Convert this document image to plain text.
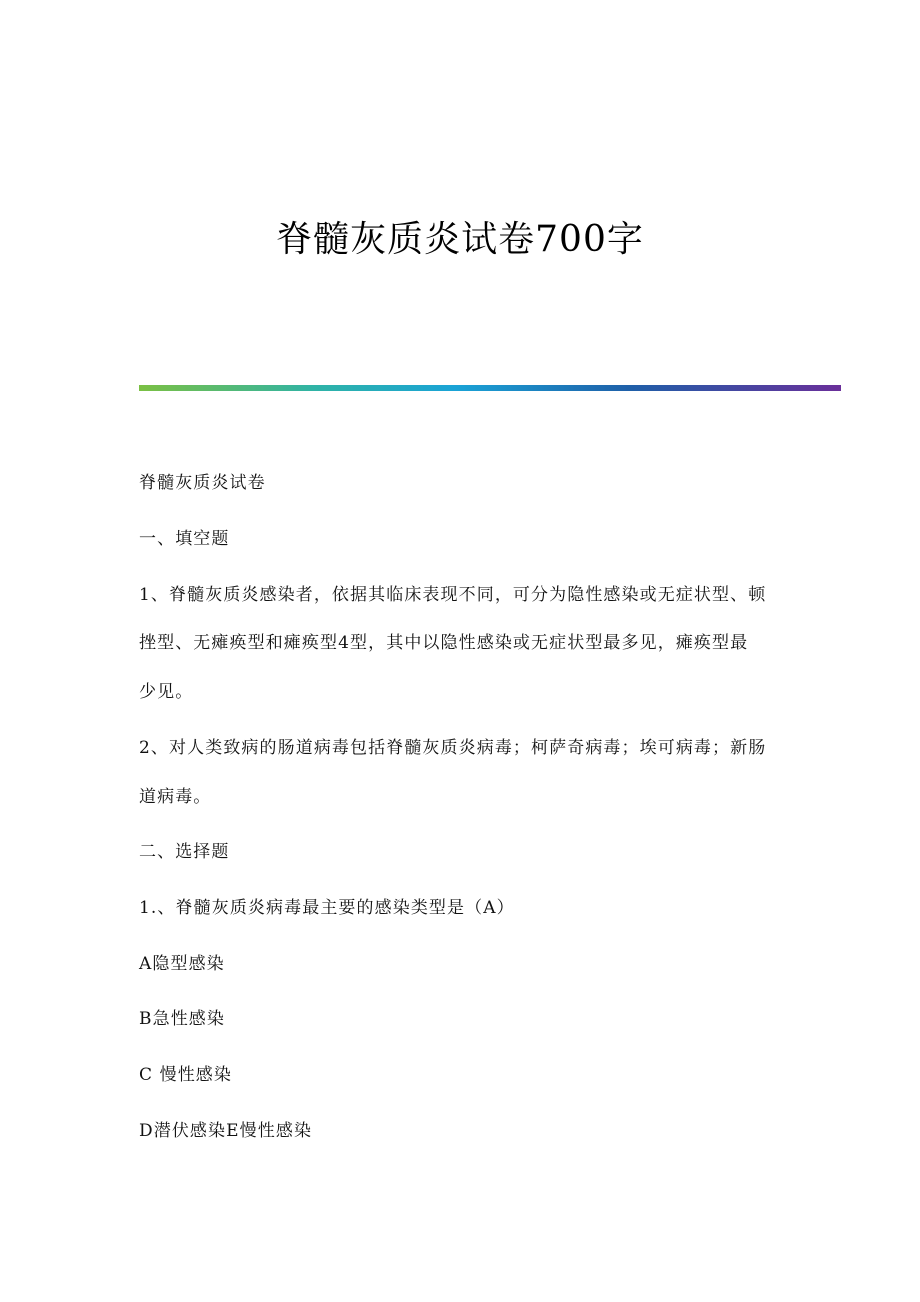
脊髓灰质炎试卷700字
脊髓灰质炎试卷
一、填空题
1、脊髓灰质炎感染者，依据其临床表现不同，可分为隐性感染或无症状型、顿
挫型、无瘫痪型和瘫痪型4型，其中以隐性感染或无症状型最多见，瘫痪型最
少见。
2、对人类致病的肠道病毒包括脊髓灰质炎病毒；柯萨奇病毒；埃可病毒；新肠
道病毒。
二、选择题
1.、脊髓灰质炎病毒最主要的感染类型是（A）
A隐型感染
B急性感染
C 慢性感染
D潜伏感染E慢性感染
